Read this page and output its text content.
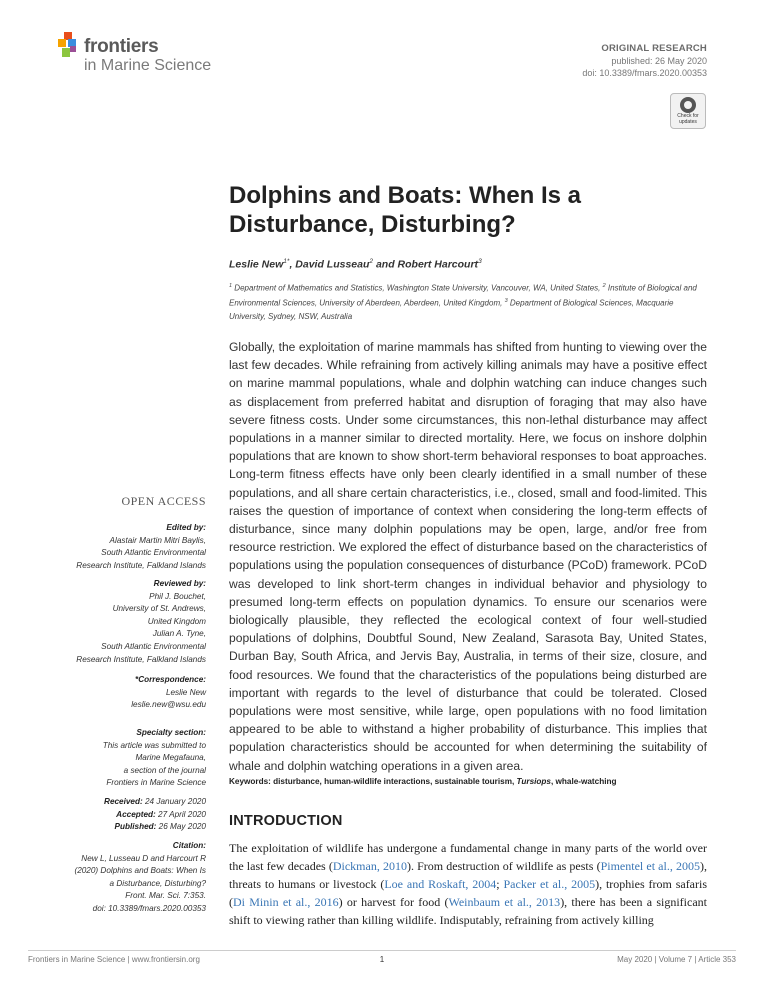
frontiers
in Marine Science
ORIGINAL RESEARCH
published: 26 May 2020
doi: 10.3389/fmars.2020.00353
Check for
updates
Dolphins and Boats: When Is a Disturbance, Disturbing?
Leslie New$^{1*}$, David Lusseau$^2$ and Robert Harcourt$^3$
$^1$ Department of Mathematics and Statistics, Washington State University, Vancouver, WA, United States, $^2$ Institute of Biological and Environmental Sciences, University of Aberdeen, Aberdeen, United Kingdom, $^3$ Department of Biological Sciences, Macquarie University, Sydney, NSW, Australia
Globally, the exploitation of marine mammals has shifted from hunting to viewing over the last few decades. While refraining from actively killing animals may have a positive effect on marine mammal populations, whale and dolphin watching can induce changes such as displacement from preferred habitat and disruption of foraging that may also have severe fitness costs. Under some circumstances, this non-lethal disturbance may affect populations in a manner similar to directed mortality. Here, we focus on inshore dolphin populations that are known to show short-term behavioral responses to boat approaches. Long-term fitness effects have only been clearly identified in a small number of these populations, and all share certain characteristics, i.e., closed, small and food-limited. This raises the question of importance of context when considering the long-term effects of disturbance, since many dolphin populations may be open, large, and/or free from resource restriction. We explored the effect of disturbance based on the characteristics of populations using the population consequences of disturbance (PCoD) framework. PCoD was developed to link short-term changes in individual behavior and physiology to presumed long-term effects on population dynamics. To ensure our scenarios were biologically plausible, they reflected the ecological context of four well-studied populations of dolphins, Doubtful Sound, New Zealand, Sarasota Bay, United States, Durban Bay, South Africa, and Jervis Bay, Australia, in terms of their size, closure, and food resources. We found that the characteristics of the populations being disturbed are important with regards to the level of disturbance that could be tolerated. Closed populations were most sensitive, while large, open populations with no food limitation appeared to be able to withstand a higher probability of disturbance. This implies that population characteristics should be accounted for when determining the suitability of whale and dolphin watching operations in a given area.
Keywords: disturbance, human-wildlife interactions, sustainable tourism, Tursiops, whale-watching
INTRODUCTION
The exploitation of wildlife has undergone a fundamental change in many parts of the world over the last few decades (Dickman, 2010). From destruction of wildlife as pests (Pimentel et al., 2005), threats to humans or livestock (Loe and Roskaft, 2004; Packer et al., 2005), trophies from safaris (Di Minin et al., 2016) or harvest for food (Weinbaum et al., 2013), there has been a significant shift to viewing rather than killing wildlife. Indisputably, refraining from actively killing
OPEN ACCESS
Edited by:
Alastair Martin Mitri Baylis,
South Atlantic Environmental
Research Institute, Falkland Islands
Reviewed by:
Phil J. Bouchet,
University of St. Andrews,
United Kingdom
Julian A. Tyne,
South Atlantic Environmental
Research Institute, Falkland Islands
*Correspondence:
Leslie New
leslie.new@wsu.edu
Specialty section:
This article was submitted to
Marine Megafauna,
a section of the journal
Frontiers in Marine Science
Received: 24 January 2020
Accepted: 27 April 2020
Published: 26 May 2020
Citation:
New L, Lusseau D and Harcourt R
(2020) Dolphins and Boats: When Is
a Disturbance, Disturbing?
Front. Mar. Sci. 7:353.
doi: 10.3389/fmars.2020.00353
Frontiers in Marine Science | www.frontiersin.org	1	May 2020 | Volume 7 | Article 353
